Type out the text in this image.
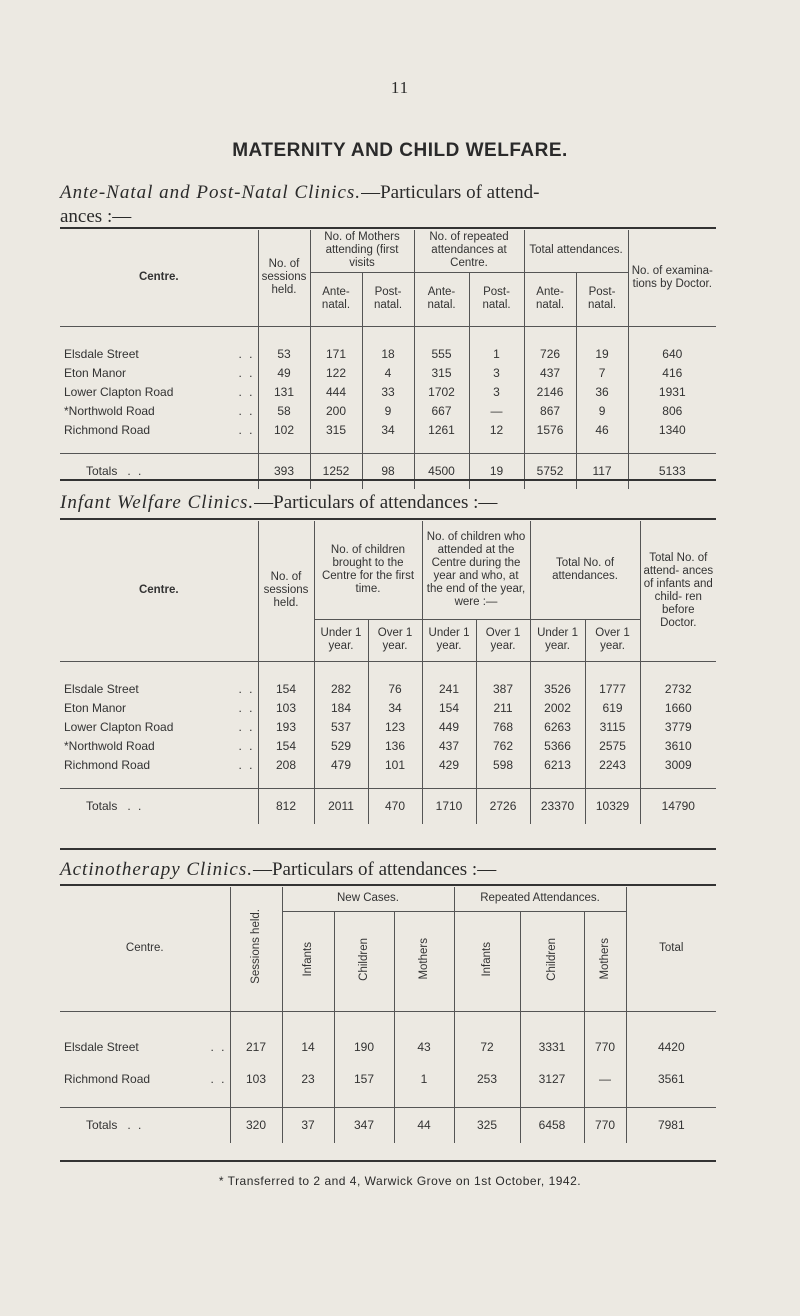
11
MATERNITY AND CHILD WELFARE.
Ante-Natal and Post-Natal Clinics.—Particulars of attend-
ances :—
Centre.	No. of sessions held.	No. of Mothers attending (first visits		No. of repeated attendances at Centre.		Total attendances.		No. of examina- tions by Doctor.
		Ante- natal.	Post- natal.	Ante- natal.	Post- natal.	Ante- natal.	Post- natal.	

Elsdale Street . .	53	171	18	555	1	726	19	640
Eton Manor . .	49	122	4	315	3	437	7	416
Lower Clapton Road . .	131	444	33	1702	3	2146	36	1931
*Northwold Road . .	58	200	9	667	—	867	9	806
Richmond Road . .	102	315	34	1261	12	1576	46	1340

Totals . .	393	1252	98	4500	19	5752	117	5133
Infant Welfare Clinics.—Particulars of attendances :—
Centre.	No. of sessions held.	No. of children brought to the Centre for the first time.		No. of children who attended at the Centre during the year and who, at the end of the year, were :—		Total No. of attendances.		Total No. of attend- ances of infants and child- ren before Doctor.
		Under 1 year.	Over 1 year.	Under 1 year.	Over 1 year.	Under 1 year.	Over 1 year.	

Elsdale Street . .	154	282	76	241	387	3526	1777	2732
Eton Manor . .	103	184	34	154	211	2002	619	1660
Lower Clapton Road . .	193	537	123	449	768	6263	3115	3779
*Northwold Road . .	154	529	136	437	762	5366	2575	3610
Richmond Road . .	208	479	101	429	598	6213	2243	3009

Totals . .	812	2011	470	1710	2726	23370	10329	14790
Actinotherapy Clinics.—Particulars of attendances :—
Centre.	Sessions held.	New Cases.			Repeated Attendances.			Total
		Infants	Children	Mothers	Infants	Children	Mothers	

Elsdale Street . .	217	14	190	43	72	3331	770	4420
Richmond Road . .	103	23	157	1	253	3127	—	3561

Totals . .	320	37	347	44	325	6458	770	7981
* Transferred to 2 and 4, Warwick Grove on 1st October, 1942.
